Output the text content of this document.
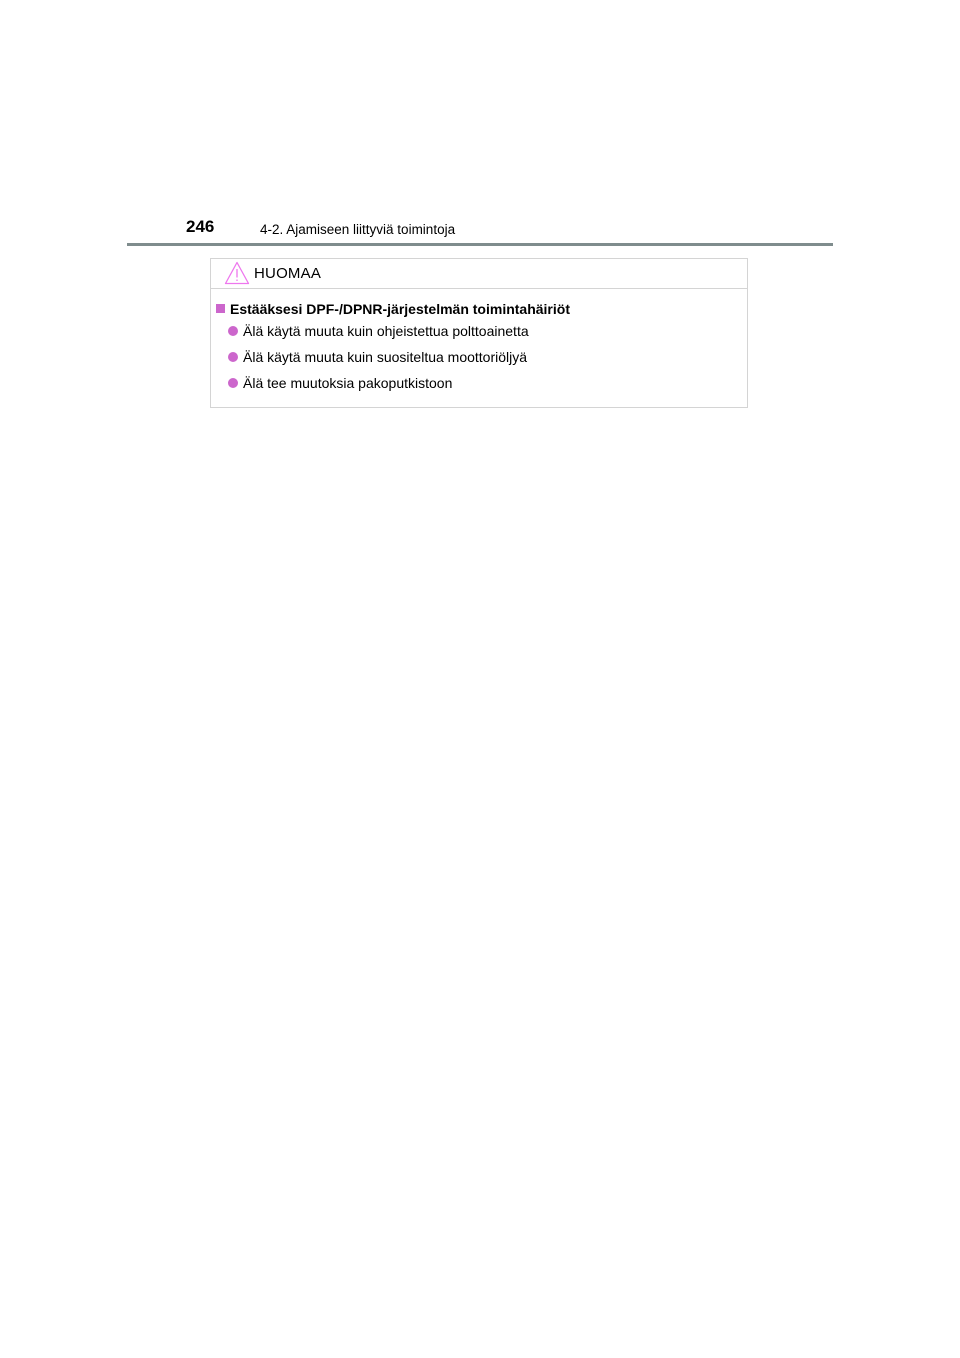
246	4-2. Ajamiseen liittyviä toimintoja
HUOMAA
Estääksesi DPF-/DPNR-järjestelmän toimintahäiriöt
Älä käytä muuta kuin ohjeistettua polttoainetta
Älä käytä muuta kuin suositeltua moottoriöljyä
Älä tee muutoksia pakoputkistoon
